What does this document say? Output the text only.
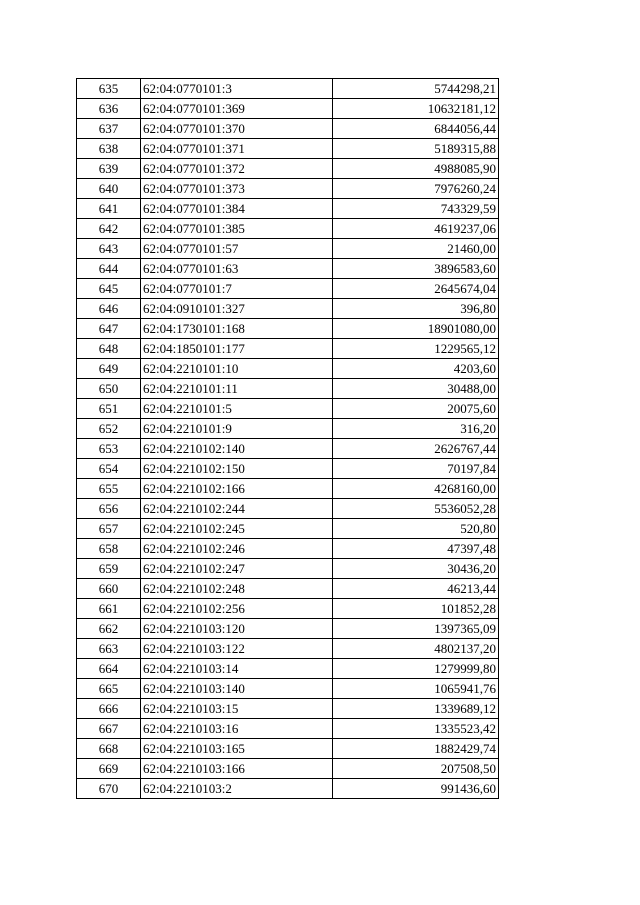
635	62:04:0770101:3	5744298,21
636	62:04:0770101:369	10632181,12
637	62:04:0770101:370	6844056,44
638	62:04:0770101:371	5189315,88
639	62:04:0770101:372	4988085,90
640	62:04:0770101:373	7976260,24
641	62:04:0770101:384	743329,59
642	62:04:0770101:385	4619237,06
643	62:04:0770101:57	21460,00
644	62:04:0770101:63	3896583,60
645	62:04:0770101:7	2645674,04
646	62:04:0910101:327	396,80
647	62:04:1730101:168	18901080,00
648	62:04:1850101:177	1229565,12
649	62:04:2210101:10	4203,60
650	62:04:2210101:11	30488,00
651	62:04:2210101:5	20075,60
652	62:04:2210101:9	316,20
653	62:04:2210102:140	2626767,44
654	62:04:2210102:150	70197,84
655	62:04:2210102:166	4268160,00
656	62:04:2210102:244	5536052,28
657	62:04:2210102:245	520,80
658	62:04:2210102:246	47397,48
659	62:04:2210102:247	30436,20
660	62:04:2210102:248	46213,44
661	62:04:2210102:256	101852,28
662	62:04:2210103:120	1397365,09
663	62:04:2210103:122	4802137,20
664	62:04:2210103:14	1279999,80
665	62:04:2210103:140	1065941,76
666	62:04:2210103:15	1339689,12
667	62:04:2210103:16	1335523,42
668	62:04:2210103:165	1882429,74
669	62:04:2210103:166	207508,50
670	62:04:2210103:2	991436,60
